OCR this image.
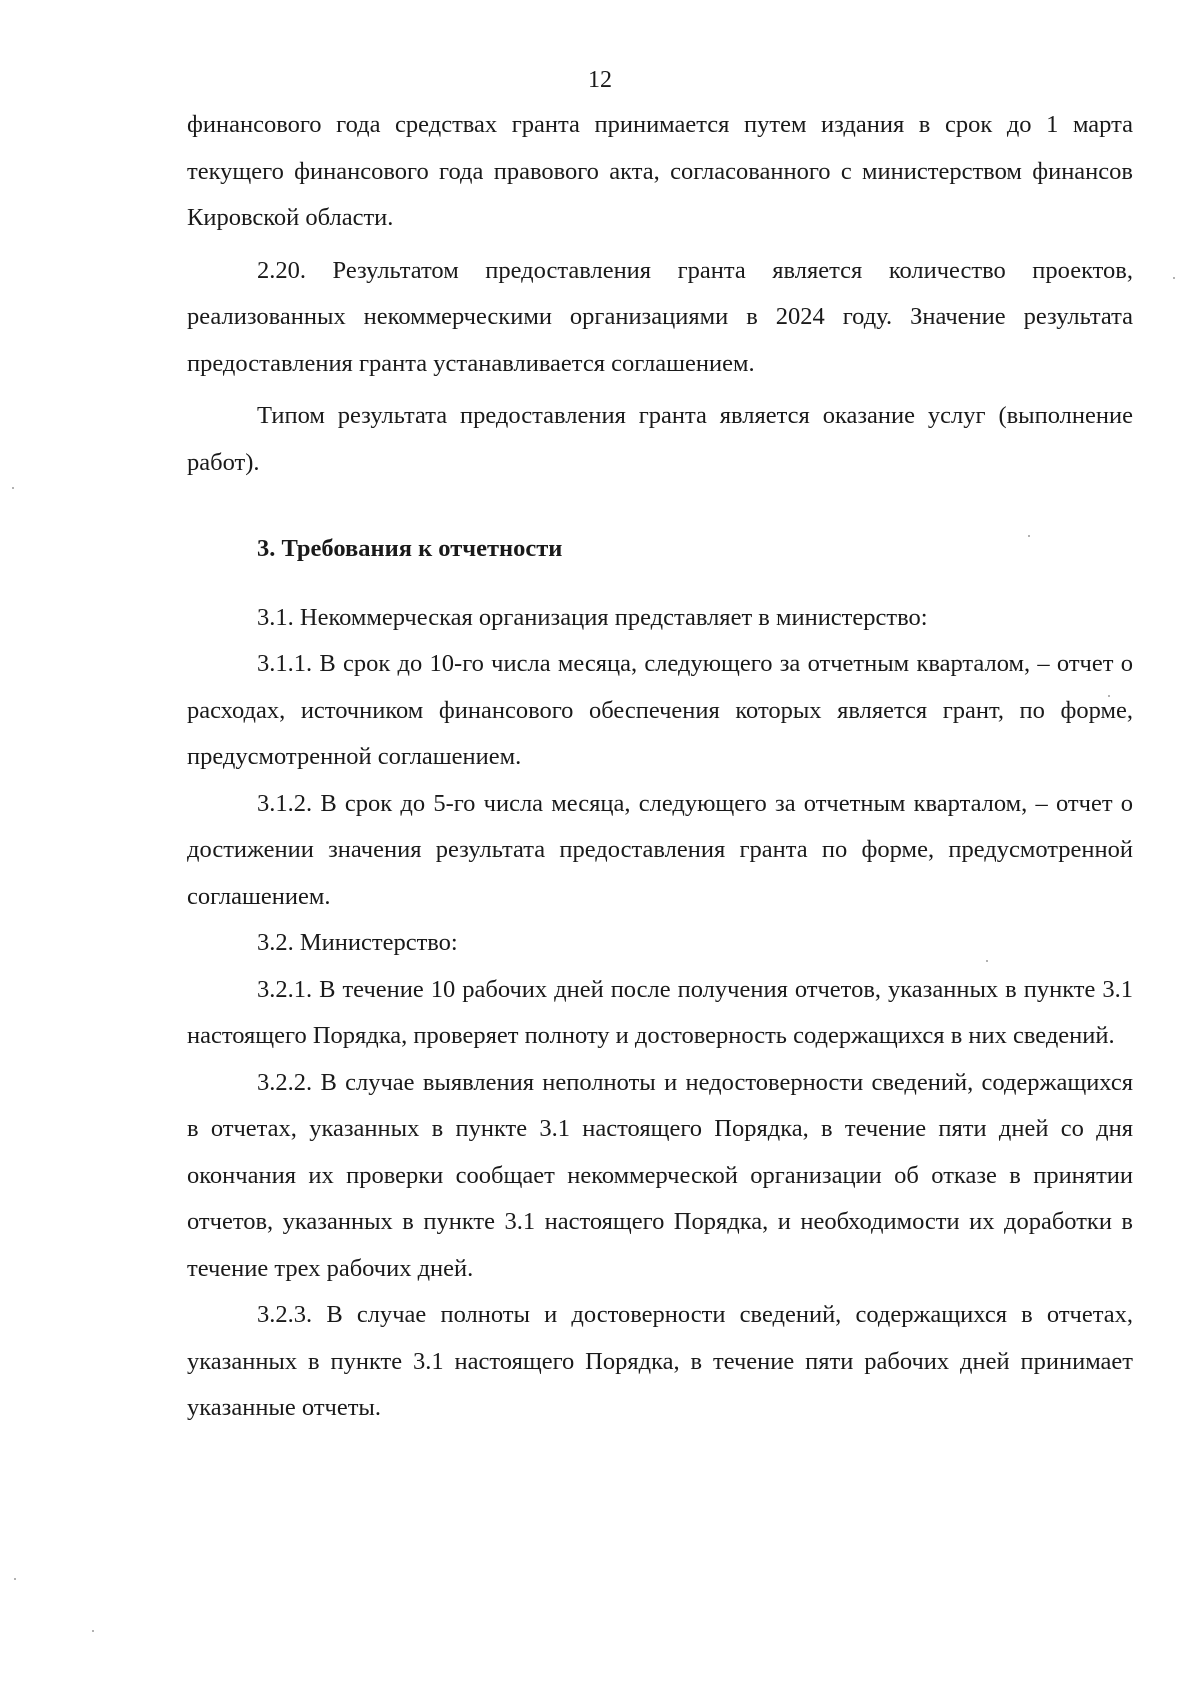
12

финансового года средствах гранта принимается путем издания в срок до 1 марта текущего финансового года правового акта, согласованного с министерством финансов Кировской области.

2.20. Результатом предоставления гранта является количество проектов, реализованных некоммерческими организациями в 2024 году. Значение результата предоставления гранта устанавливается соглашением.

Типом результата предоставления гранта является оказание услуг (выполнение работ).

3. Требования к отчетности

3.1. Некоммерческая организация представляет в министерство:

3.1.1. В срок до 10-го числа месяца, следующего за отчетным кварталом, – отчет о расходах, источником финансового обеспечения которых является грант, по форме, предусмотренной соглашением.

3.1.2. В срок до 5-го числа месяца, следующего за отчетным кварталом, – отчет о достижении значения результата предоставления гранта по форме, предусмотренной соглашением.

3.2. Министерство:

3.2.1. В течение 10 рабочих дней после получения отчетов, указанных в пункте 3.1 настоящего Порядка, проверяет полноту и достоверность содержащихся в них сведений.

3.2.2. В случае выявления неполноты и недостоверности сведений, содержащихся в отчетах, указанных в пункте 3.1 настоящего Порядка, в течение пяти дней со дня окончания их проверки сообщает некоммерческой организации об отказе в принятии отчетов, указанных в пункте 3.1 настоящего Порядка, и необходимости их доработки в течение трех рабочих дней.

3.2.3. В случае полноты и достоверности сведений, содержащихся в отчетах, указанных в пункте 3.1 настоящего Порядка, в течение пяти рабочих дней принимает указанные отчеты.
